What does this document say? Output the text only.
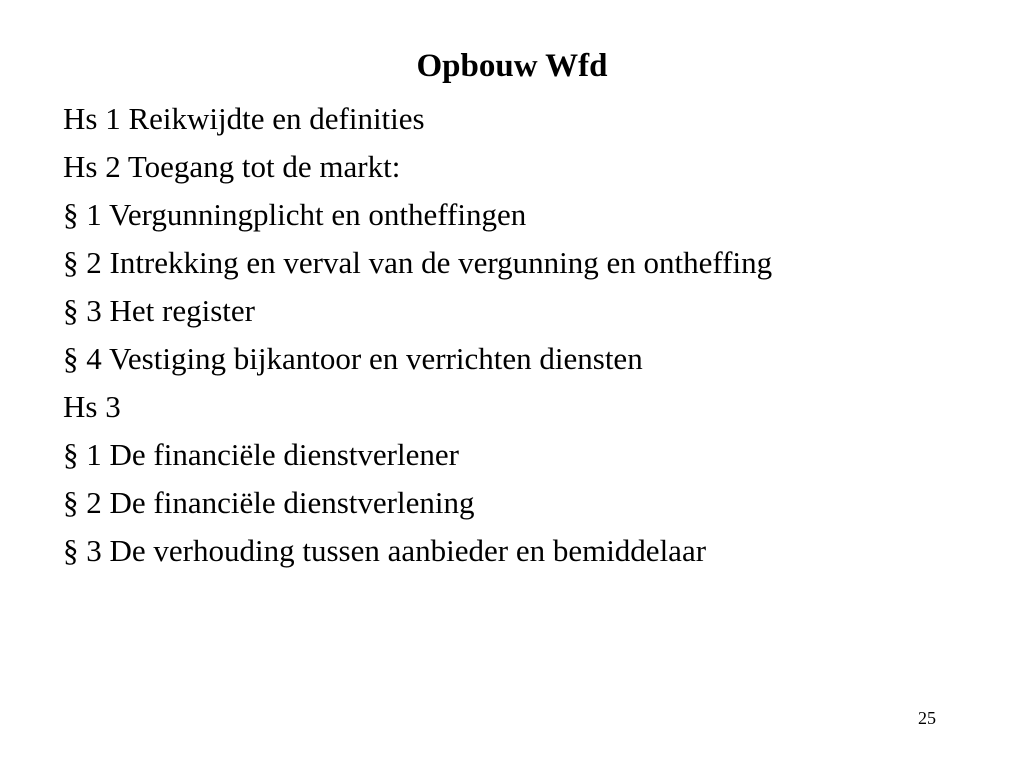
Opbouw Wfd
Hs 1 Reikwijdte en definities
Hs 2 Toegang tot de markt:
§ 1 Vergunningplicht en ontheffingen
§ 2 Intrekking en verval van de vergunning en ontheffing
§ 3 Het register
§ 4 Vestiging bijkantoor en verrichten diensten
Hs 3
§ 1 De financiële dienstverlener
§ 2 De financiële dienstverlening
§ 3 De verhouding tussen aanbieder en bemiddelaar
25
